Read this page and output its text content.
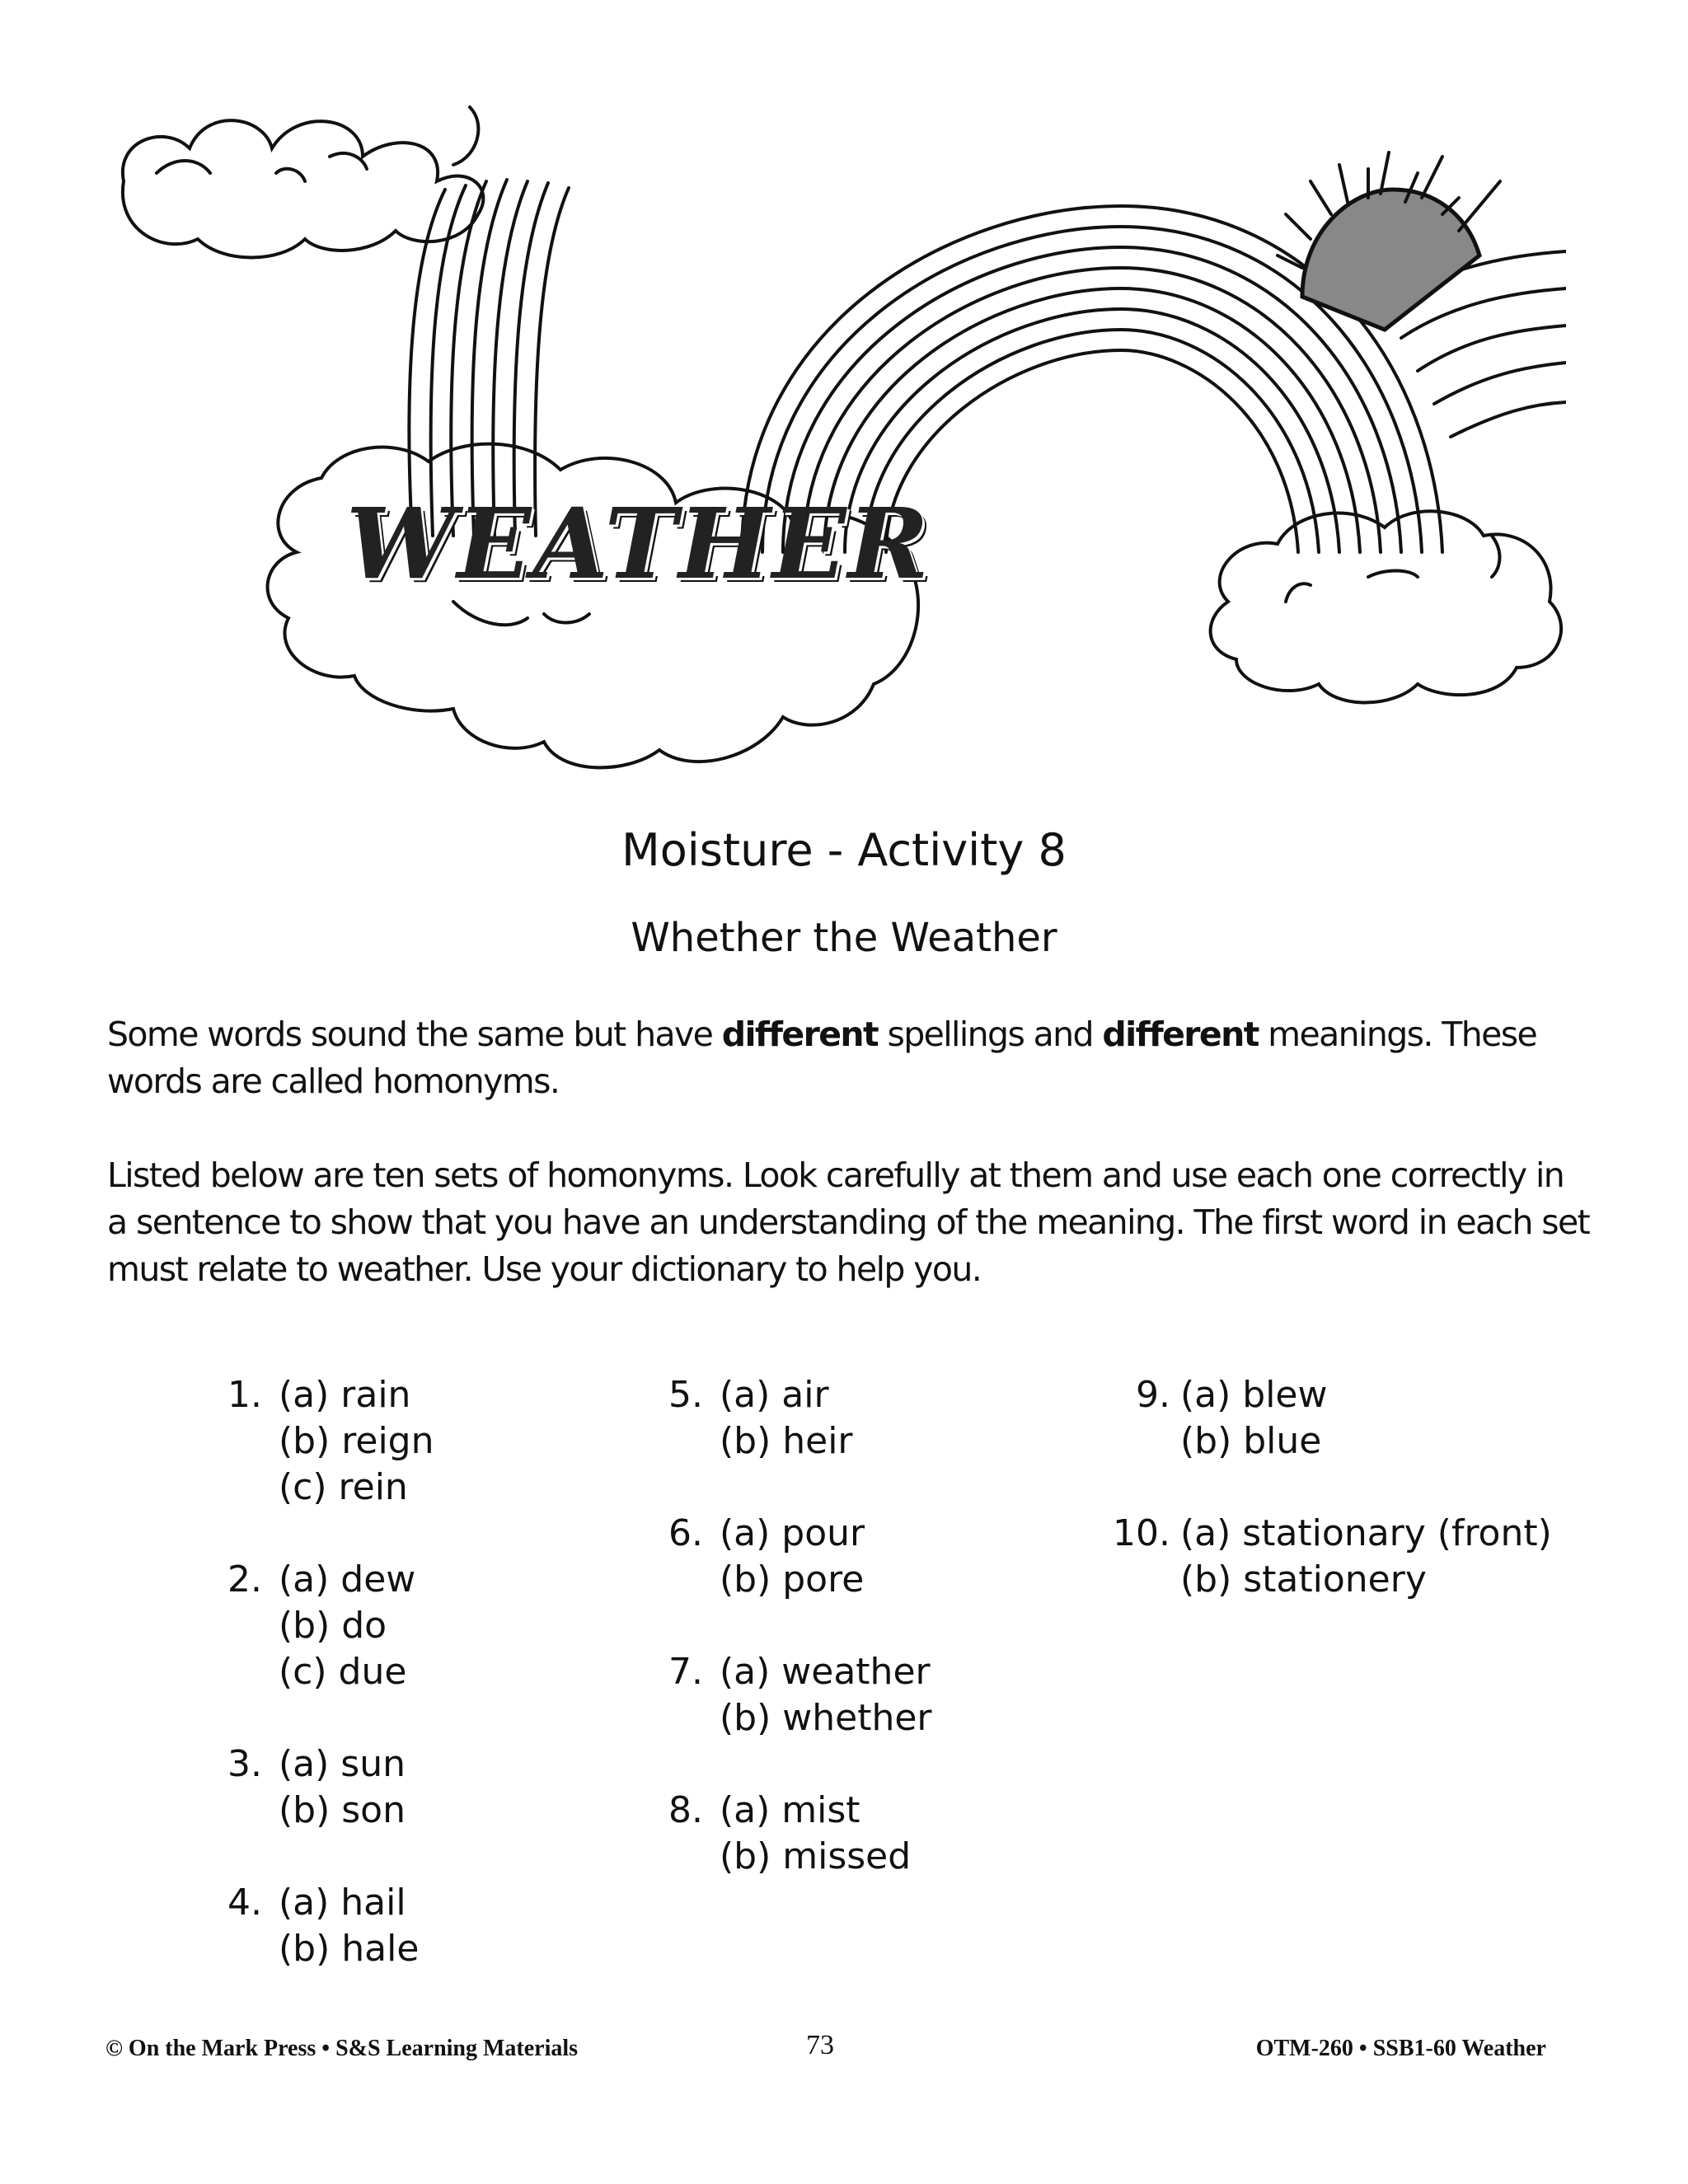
WEATHER
Moisture - Activity 8
Whether the Weather
Some words sound the same but have different spellings and different meanings. These words are called homonyms.
Listed below are ten sets of homonyms. Look carefully at them and use each one correctly in a sentence to show that you have an understanding of the meaning. The first word in each set must relate to weather. Use your dictionary to help you.
1. (a) rain
(b) reign
(c) rein
2. (a) dew
(b) do
(c) due
3. (a) sun
(b) son
4. (a) hail
(b) hale
5. (a) air
(b) heir
6. (a) pour
(b) pore
7. (a) weather
(b) whether
8. (a) mist
(b) missed
9. (a) blew
(b) blue
10. (a) stationary (front)
(b) stationery
© On the Mark Press • S&S Learning Materials	73	OTM-260 • SSB1-60 Weather
